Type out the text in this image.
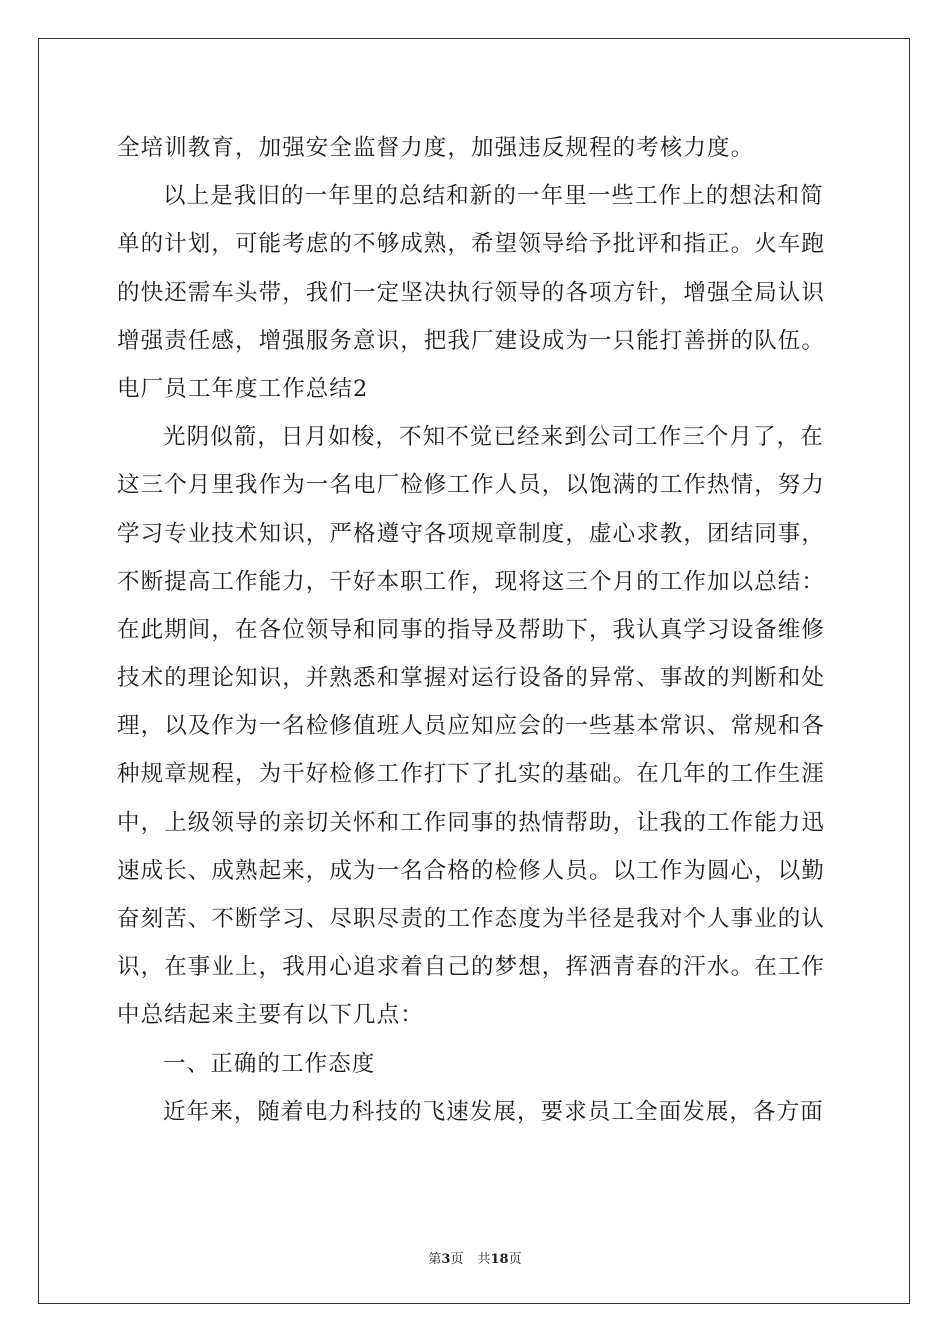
全培训教育，加强安全监督力度，加强违反规程的考核力度。
以上是我旧的一年里的总结和新的一年里一些工作上的想法和简
单的计划，可能考虑的不够成熟，希望领导给予批评和指正。火车跑
的快还需车头带，我们一定坚决执行领导的各项方针，增强全局认识
增强责任感，增强服务意识，把我厂建设成为一只能打善拼的队伍。
电厂员工年度工作总结2
光阴似箭，日月如梭，不知不觉已经来到公司工作三个月了，在
这三个月里我作为一名电厂检修工作人员，以饱满的工作热情，努力
学习专业技术知识，严格遵守各项规章制度，虚心求教，团结同事，
不断提高工作能力，干好本职工作，现将这三个月的工作加以总结：
在此期间，在各位领导和同事的指导及帮助下，我认真学习设备维修
技术的理论知识，并熟悉和掌握对运行设备的异常、事故的判断和处
理，以及作为一名检修值班人员应知应会的一些基本常识、常规和各
种规章规程，为干好检修工作打下了扎实的基础。在几年的工作生涯
中，上级领导的亲切关怀和工作同事的热情帮助，让我的工作能力迅
速成长、成熟起来，成为一名合格的检修人员。以工作为圆心，以勤
奋刻苦、不断学习、尽职尽责的工作态度为半径是我对个人事业的认
识，在事业上，我用心追求着自己的梦想，挥洒青春的汗水。在工作
中总结起来主要有以下几点：
一、正确的工作态度
近年来，随着电力科技的飞速发展，要求员工全面发展，各方面
第3页 共18页
